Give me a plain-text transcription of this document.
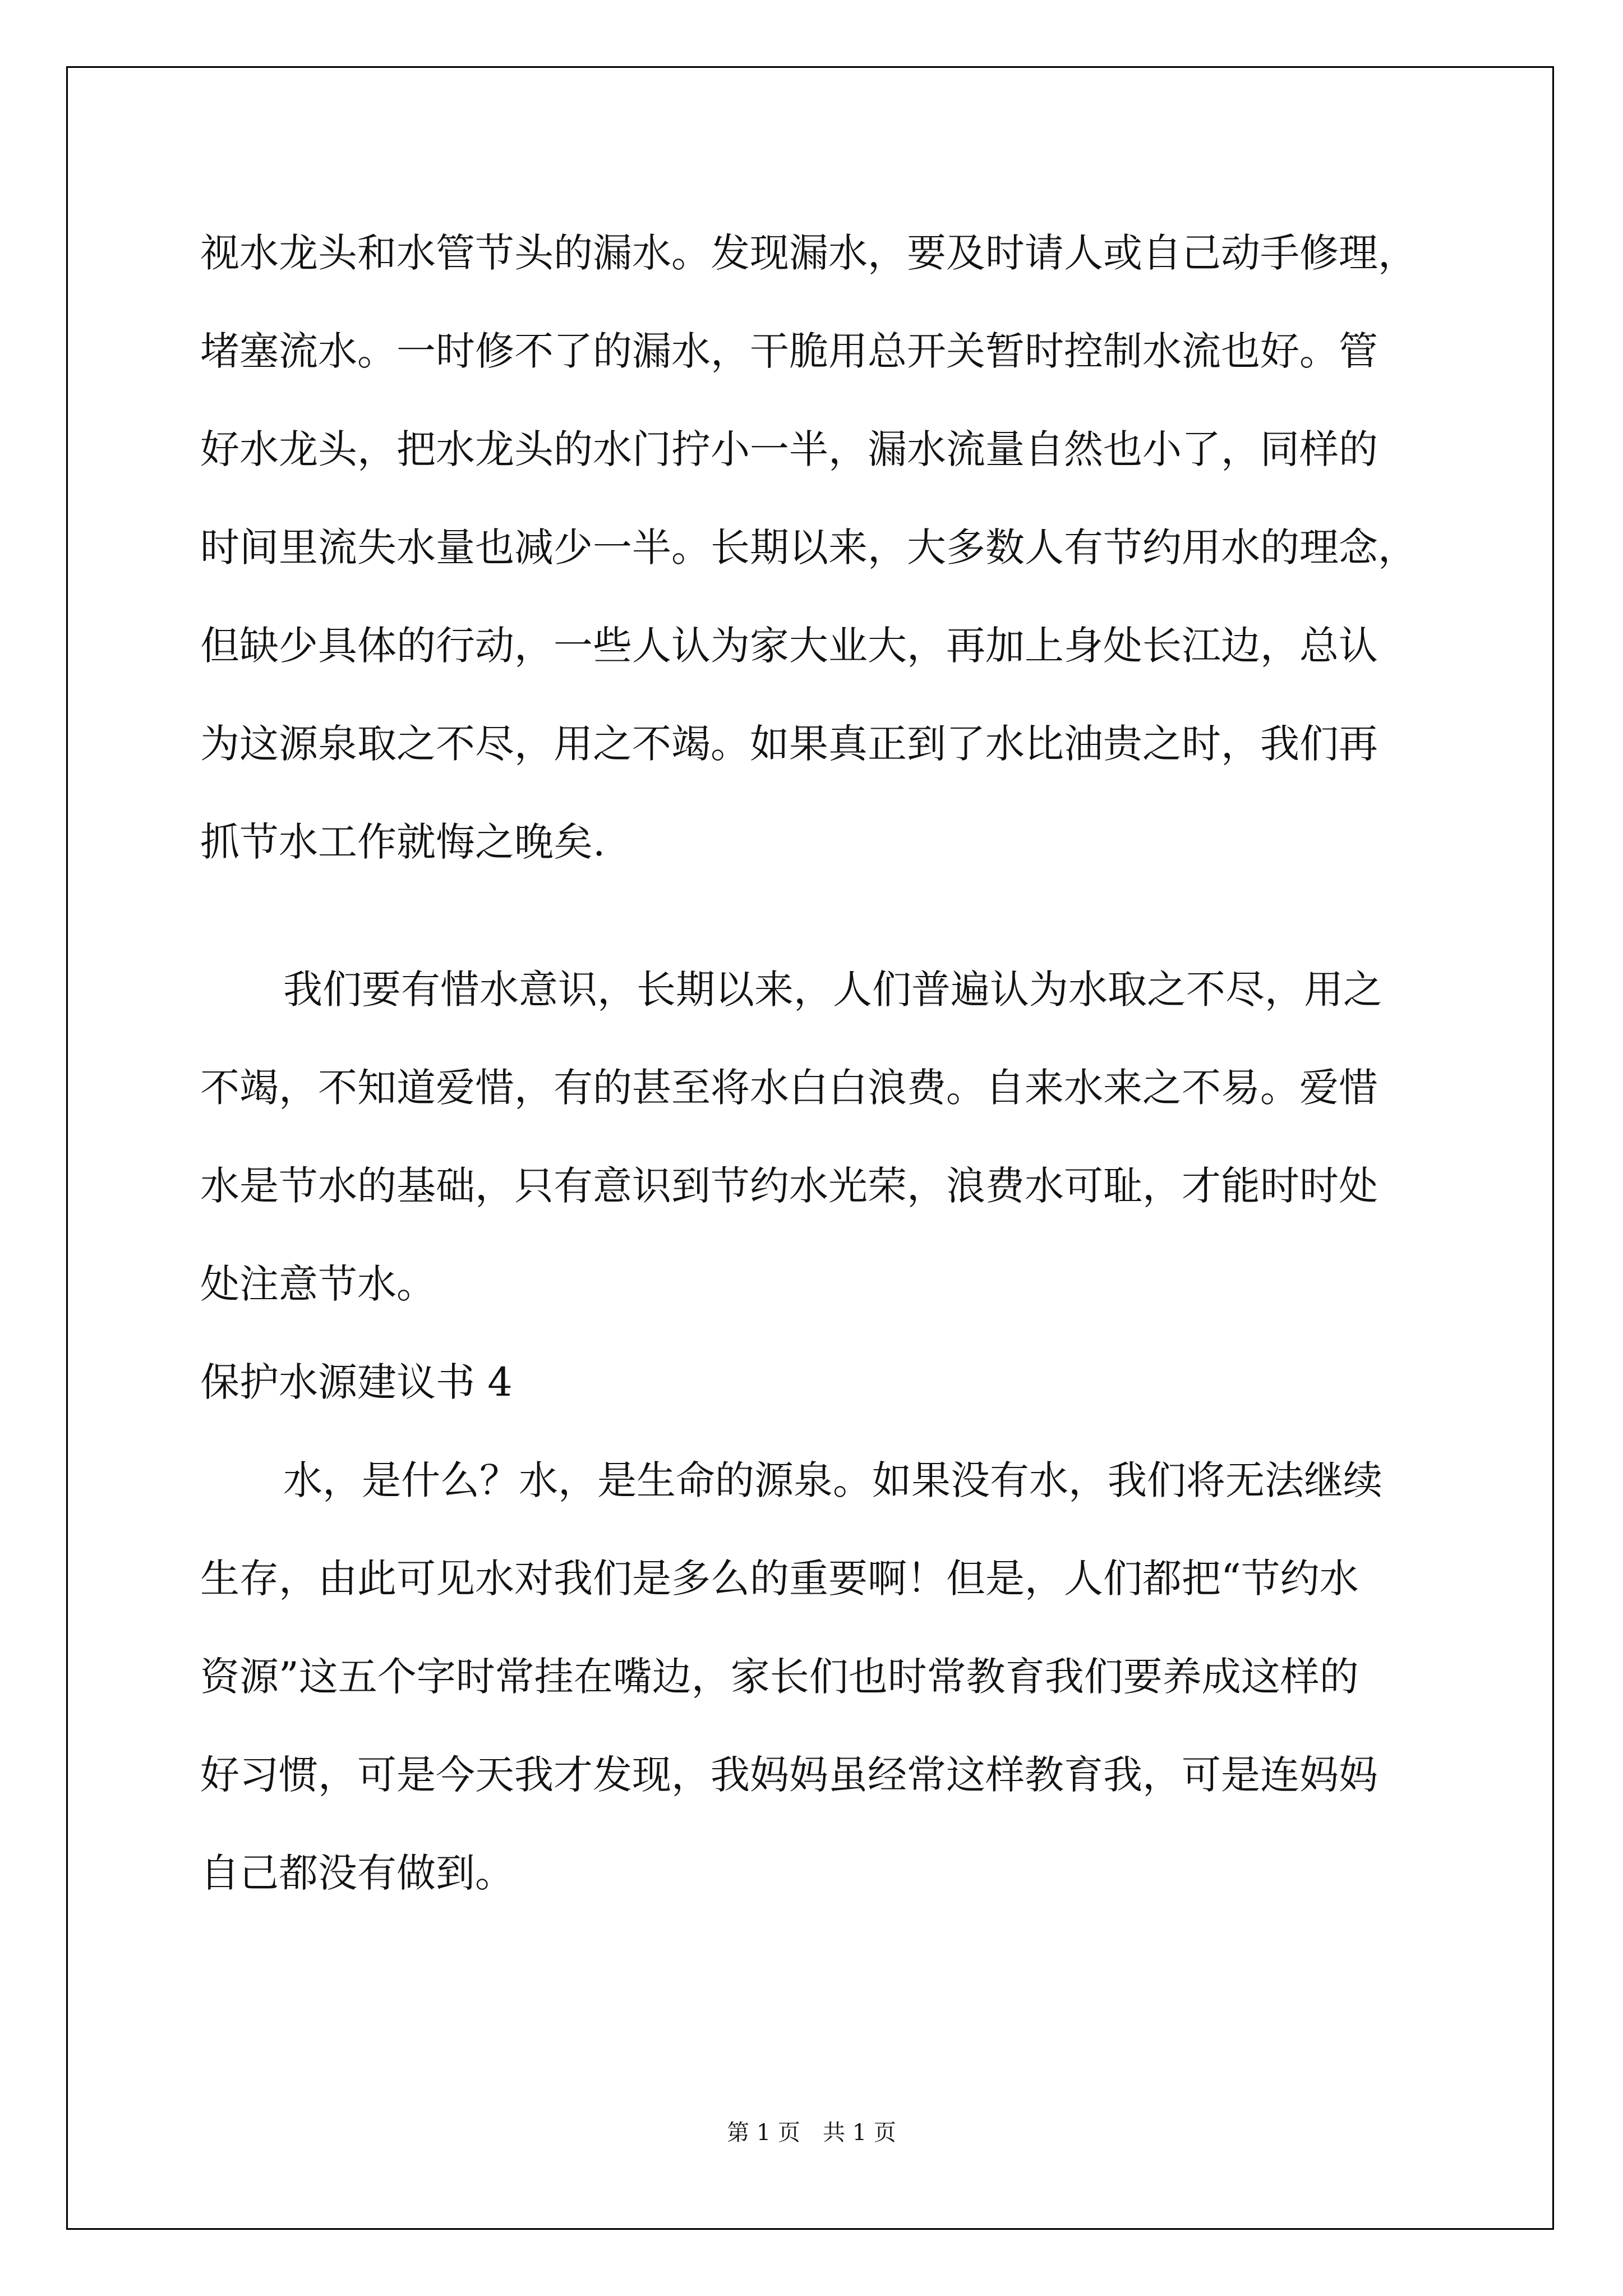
视水龙头和水管节头的漏水。发现漏水，要及时请人或自己动手修理，
堵塞流水。一时修不了的漏水，干脆用总开关暂时控制水流也好。管
好水龙头，把水龙头的水门拧小一半，漏水流量自然也小了，同样的
时间里流失水量也减少一半。长期以来，大多数人有节约用水的理念，
但缺少具体的行动，一些人认为家大业大，再加上身处长江边，总认
为这源泉取之不尽，用之不竭。如果真正到了水比油贵之时，我们再
抓节水工作就悔之晚矣.
我们要有惜水意识，长期以来，人们普遍认为水取之不尽，用之
不竭，不知道爱惜，有的甚至将水白白浪费。自来水来之不易。爱惜
水是节水的基础，只有意识到节约水光荣，浪费水可耻，才能时时处
处注意节水。
保护水源建议书 4
水，是什么？水，是生命的源泉。如果没有水，我们将无法继续
生存，由此可见水对我们是多么的重要啊！但是，人们都把“节约水
资源”这五个字时常挂在嘴边，家长们也时常教育我们要养成这样的
好习惯，可是今天我才发现，我妈妈虽经常这样教育我，可是连妈妈
自己都没有做到。
第 1 页　共 1 页
